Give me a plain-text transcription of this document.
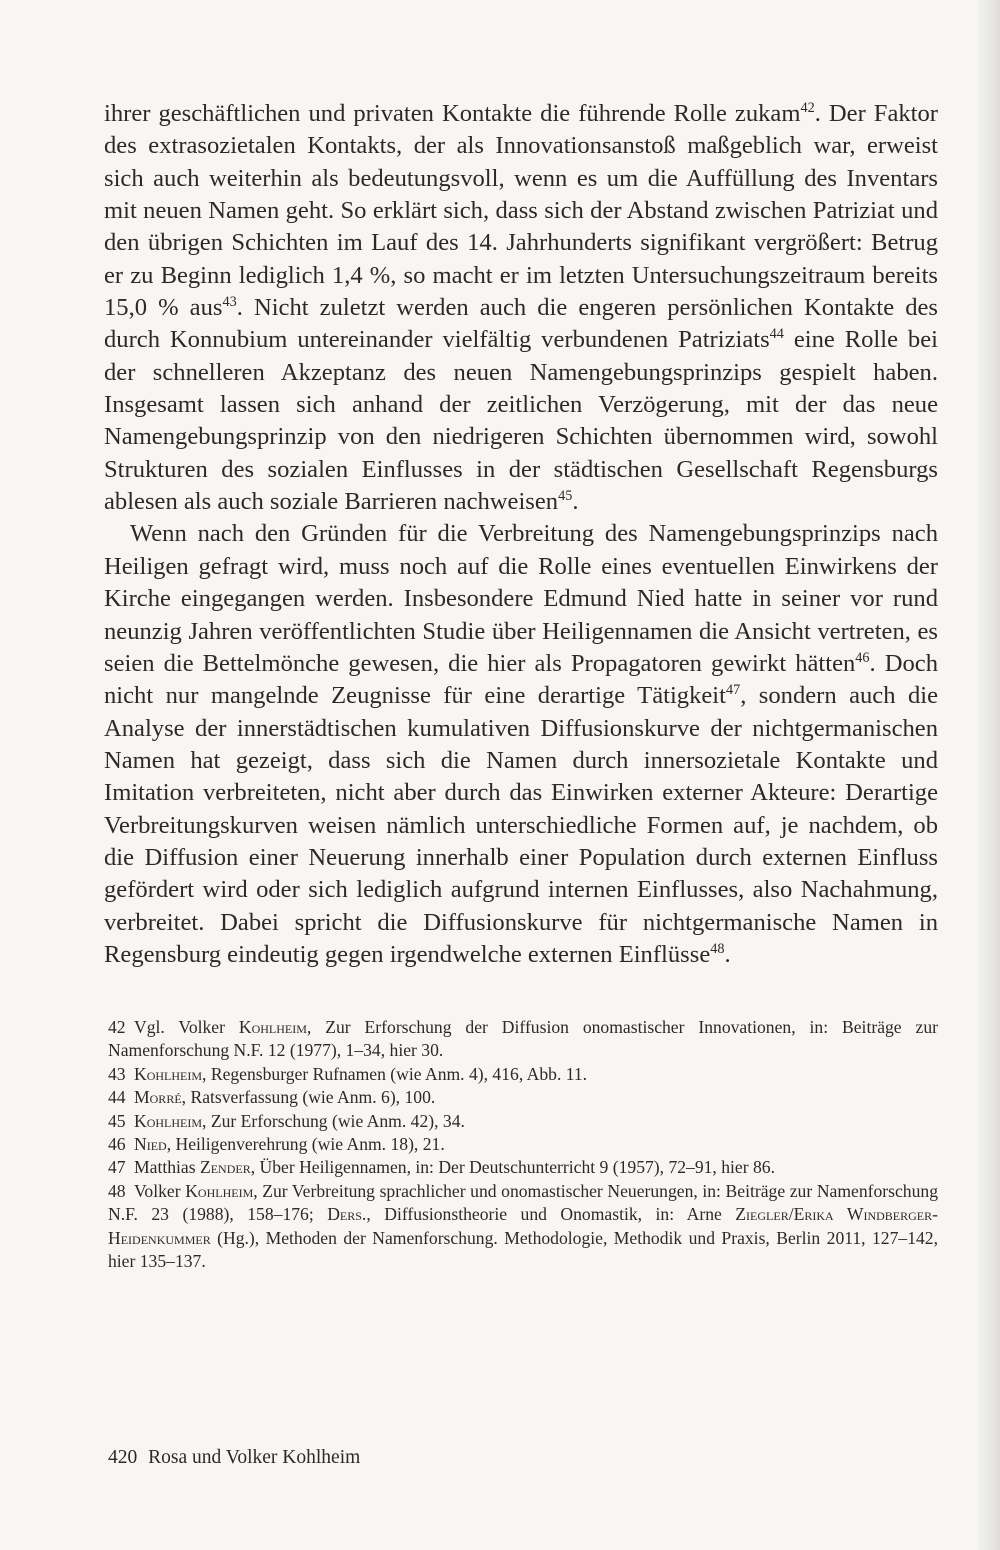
ihrer geschäftlichen und privaten Kontakte die führende Rolle zukam$^{42}$. Der Faktor des extrasozietalen Kontakts, der als Innovationsanstoß maßgeblich war, erweist sich auch weiterhin als bedeutungsvoll, wenn es um die Auffüllung des Inventars mit neuen Namen geht. So erklärt sich, dass sich der Abstand zwischen Patriziat und den übrigen Schichten im Lauf des 14. Jahrhunderts signifikant vergrößert: Betrug er zu Beginn lediglich 1,4 %, so macht er im letzten Untersuchungszeitraum bereits 15,0 % aus$^{43}$. Nicht zuletzt werden auch die engeren persönlichen Kontakte des durch Konnubium untereinander vielfältig verbundenen Patriziats$^{44}$ eine Rolle bei der schnelleren Akzeptanz des neuen Namengebungsprinzips gespielt haben. Insgesamt lassen sich anhand der zeitlichen Verzögerung, mit der das neue Namengebungsprinzip von den niedrigeren Schichten übernommen wird, sowohl Strukturen des sozialen Einflusses in der städtischen Gesellschaft Regensburgs ablesen als auch soziale Barrieren nachweisen$^{45}$.

Wenn nach den Gründen für die Verbreitung des Namengebungsprinzips nach Heiligen gefragt wird, muss noch auf die Rolle eines eventuellen Einwirkens der Kirche eingegangen werden. Insbesondere Edmund Nied hatte in seiner vor rund neunzig Jahren veröffentlichten Studie über Heiligennamen die Ansicht vertreten, es seien die Bettelmönche gewesen, die hier als Propagatoren gewirkt hätten$^{46}$. Doch nicht nur mangelnde Zeugnisse für eine derartige Tätigkeit$^{47}$, sondern auch die Analyse der innerstädtischen kumulativen Diffusionskurve der nichtgermanischen Namen hat gezeigt, dass sich die Namen durch innersozietale Kontakte und Imitation verbreiteten, nicht aber durch das Einwirken externer Akteure: Derartige Verbreitungskurven weisen nämlich unterschiedliche Formen auf, je nachdem, ob die Diffusion einer Neuerung innerhalb einer Population durch externen Einfluss gefördert wird oder sich lediglich aufgrund internen Einflusses, also Nachahmung, verbreitet. Dabei spricht die Diffusionskurve für nichtgermanische Namen in Regensburg eindeutig gegen irgendwelche externen Einflüsse$^{48}$.

42 Vgl. Volker Kohlheim, Zur Erforschung der Diffusion onomastischer Innovationen, in: Beiträge zur Namenforschung N.F. 12 (1977), 1–34, hier 30.

43 Kohlheim, Regensburger Rufnamen (wie Anm. 4), 416, Abb. 11.

44 Morré, Ratsverfassung (wie Anm. 6), 100.

45 Kohlheim, Zur Erforschung (wie Anm. 42), 34.

46 Nied, Heiligenverehrung (wie Anm. 18), 21.

47 Matthias Zender, Über Heiligennamen, in: Der Deutschunterricht 9 (1957), 72–91, hier 86.

48 Volker Kohlheim, Zur Verbreitung sprachlicher und onomastischer Neuerungen, in: Beiträge zur Namenforschung N.F. 23 (1988), 158–176; Ders., Diffusionstheorie und Onomastik, in: Arne Ziegler/Erika Windberger-Heidenkummer (Hg.), Methoden der Namenforschung. Methodologie, Methodik und Praxis, Berlin 2011, 127–142, hier 135–137.

420 Rosa und Volker Kohlheim
